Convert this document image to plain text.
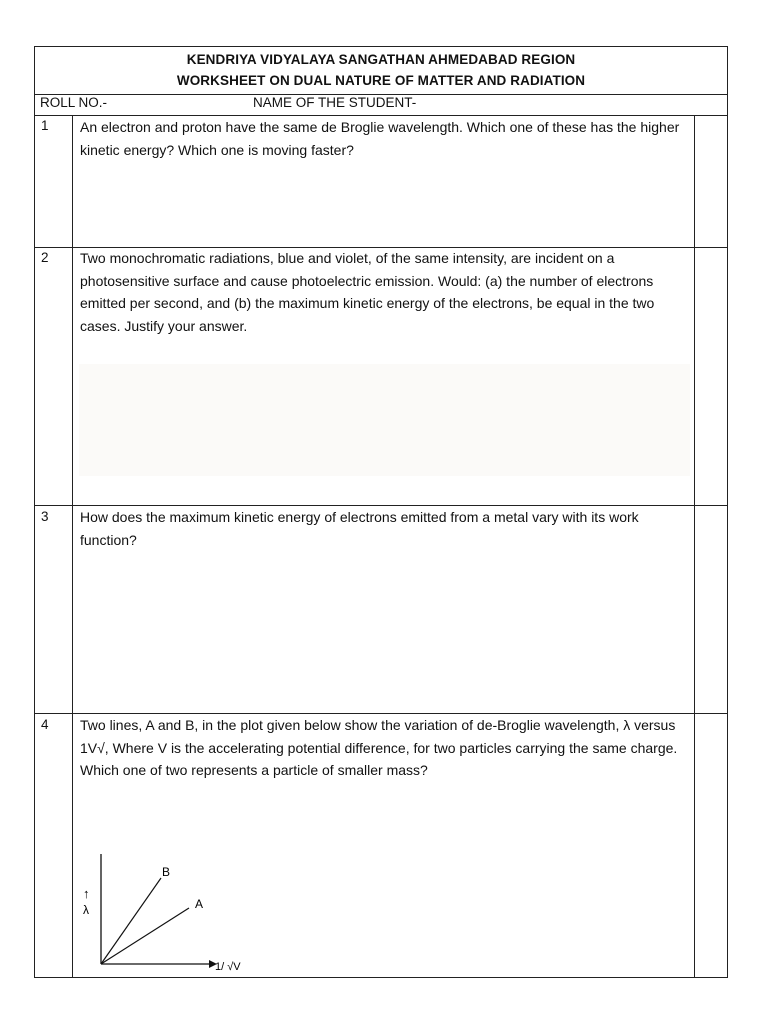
KENDRIYA VIDYALAYA SANGATHAN AHMEDABAD REGION
WORKSHEET ON DUAL NATURE OF MATTER AND RADIATION
ROLL NO.-	NAME OF THE STUDENT-
1 An electron and proton have the same de Broglie wavelength. Which one of these has the higher kinetic energy? Which one is moving faster?
2 Two monochromatic radiations, blue and violet, of the same intensity, are incident on a photosensitive surface and cause photoelectric emission. Would: (a) the number of electrons emitted per second, and (b) the maximum kinetic energy of the electrons, be equal in the two cases. Justify your answer.
3 How does the maximum kinetic energy of electrons emitted from a metal vary with its work function?
4 Two lines, A and B, in the plot given below show the variation of de-Broglie wavelength, λ versus 1V√, Where V is the accelerating potential difference, for two particles carrying the same charge. Which one of two represents a particle of smaller mass?
B
A
↑
λ
1/ √V
